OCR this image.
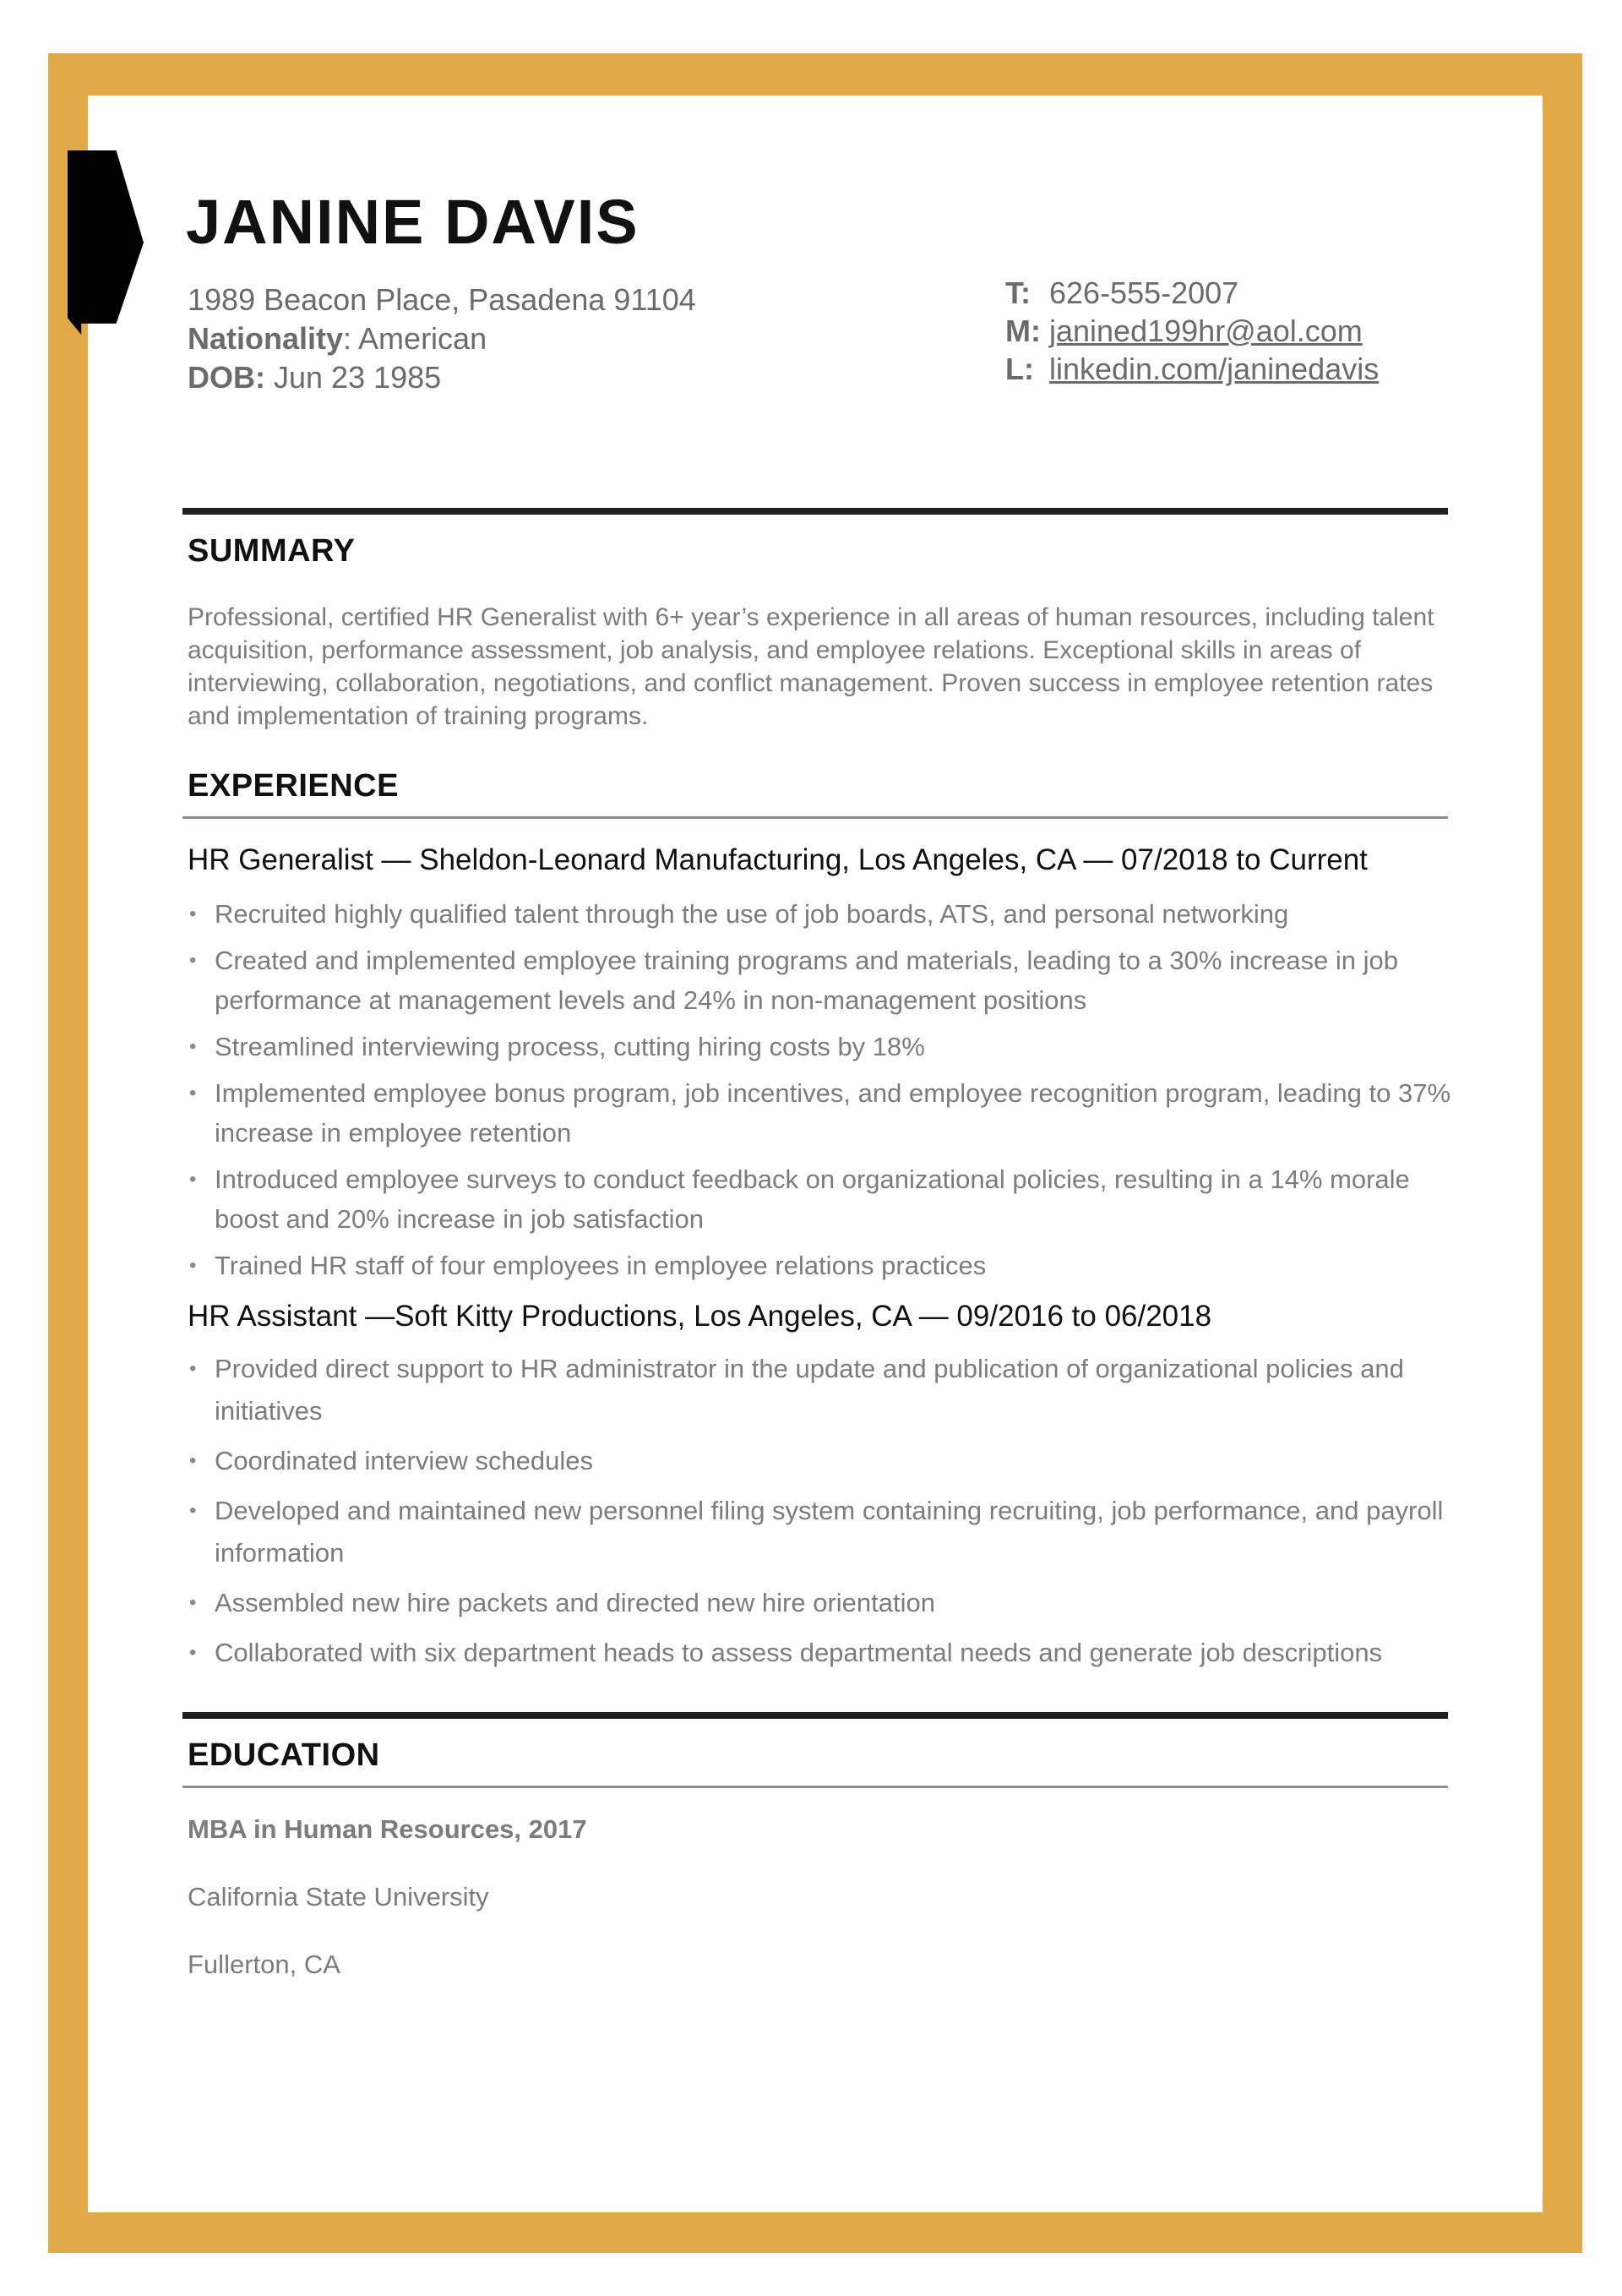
JANINE DAVIS
1989 Beacon Place, Pasadena 91104
Nationality: American
DOB: Jun 23 1985
T: 626-555-2007
M: janined199hr@aol.com
L: linkedin.com/janinedavis
SUMMARY
Professional, certified HR Generalist with 6+ year’s experience in all areas of human resources, including talent acquisition, performance assessment, job analysis, and employee relations. Exceptional skills in areas of interviewing, collaboration, negotiations, and conflict management. Proven success in employee retention rates and implementation of training programs.
EXPERIENCE
HR Generalist — Sheldon-Leonard Manufacturing, Los Angeles, CA — 07/2018 to Current
• Recruited highly qualified talent through the use of job boards, ATS, and personal networking
• Created and implemented employee training programs and materials, leading to a 30% increase in job performance at management levels and 24% in non-management positions
• Streamlined interviewing process, cutting hiring costs by 18%
• Implemented employee bonus program, job incentives, and employee recognition program, leading to 37% increase in employee retention
• Introduced employee surveys to conduct feedback on organizational policies, resulting in a 14% morale boost and 20% increase in job satisfaction
• Trained HR staff of four employees in employee relations practices
HR Assistant —Soft Kitty Productions, Los Angeles, CA — 09/2016 to 06/2018
• Provided direct support to HR administrator in the update and publication of organizational policies and initiatives
• Coordinated interview schedules
• Developed and maintained new personnel filing system containing recruiting, job performance, and payroll information
• Assembled new hire packets and directed new hire orientation
• Collaborated with six department heads to assess departmental needs and generate job descriptions
EDUCATION
MBA in Human Resources, 2017
California State University
Fullerton, CA
